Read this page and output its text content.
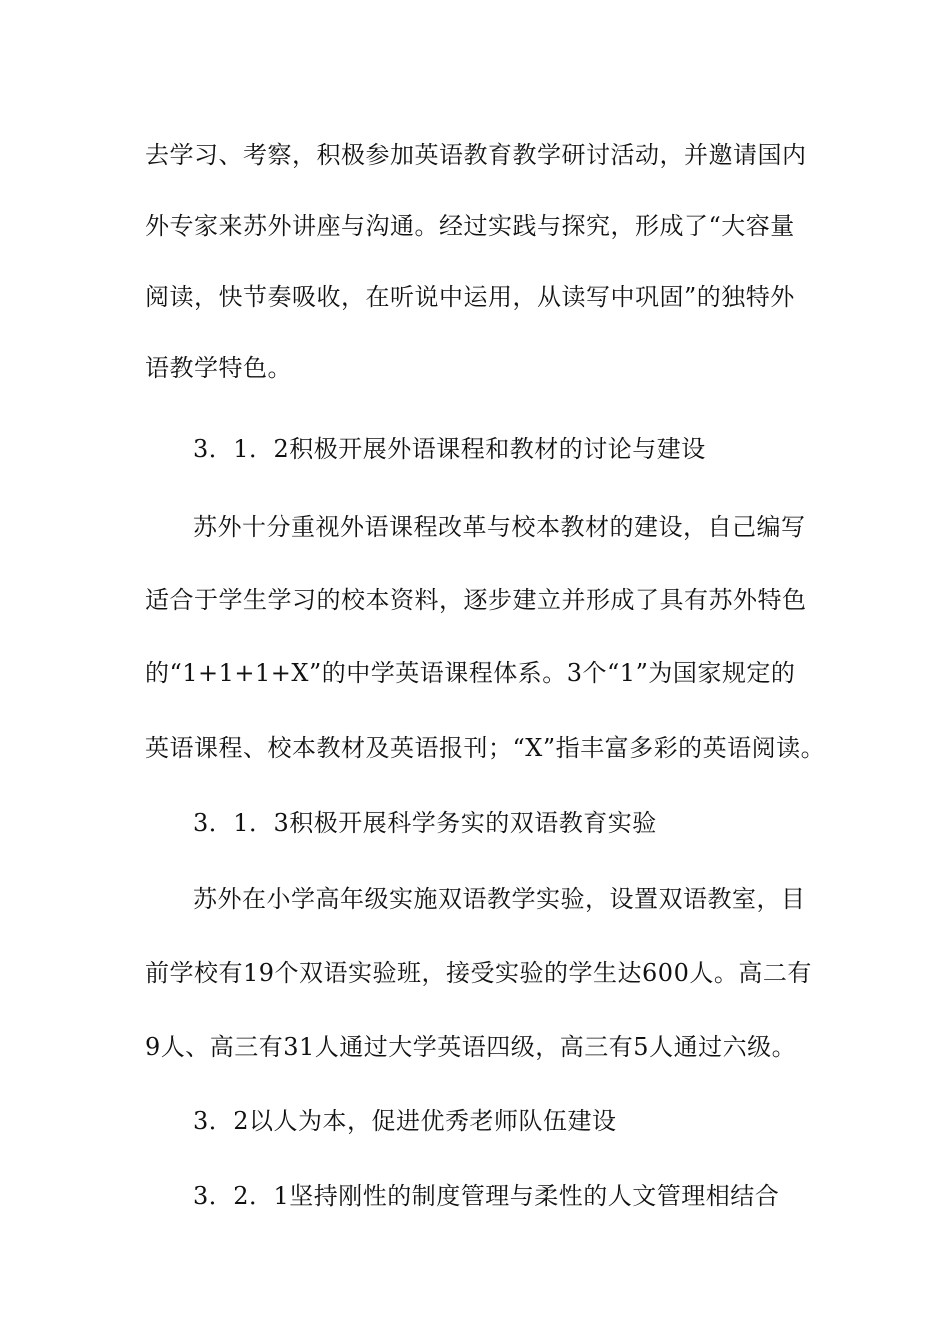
去学习、考察，积极参加英语教育教学研讨活动，并邀请国内
外专家来苏外讲座与沟通。经过实践与探究，形成了“大容量
阅读，快节奏吸收，在听说中运用，从读写中巩固”的独特外
语教学特色。
3．1．2积极开展外语课程和教材的讨论与建设
苏外十分重视外语课程改革与校本教材的建设，自己编写
适合于学生学习的校本资料，逐步建立并形成了具有苏外特色
的“1+1+1+X”的中学英语课程体系。3个“1”为国家规定的
英语课程、校本教材及英语报刊；“X”指丰富多彩的英语阅读。
3．1．3积极开展科学务实的双语教育实验
苏外在小学高年级实施双语教学实验，设置双语教室，目
前学校有19个双语实验班，接受实验的学生达600人。高二有
9人、高三有31人通过大学英语四级，高三有5人通过六级。
3．2以人为本，促进优秀老师队伍建设
3．2．1坚持刚性的制度管理与柔性的人文管理相结合
